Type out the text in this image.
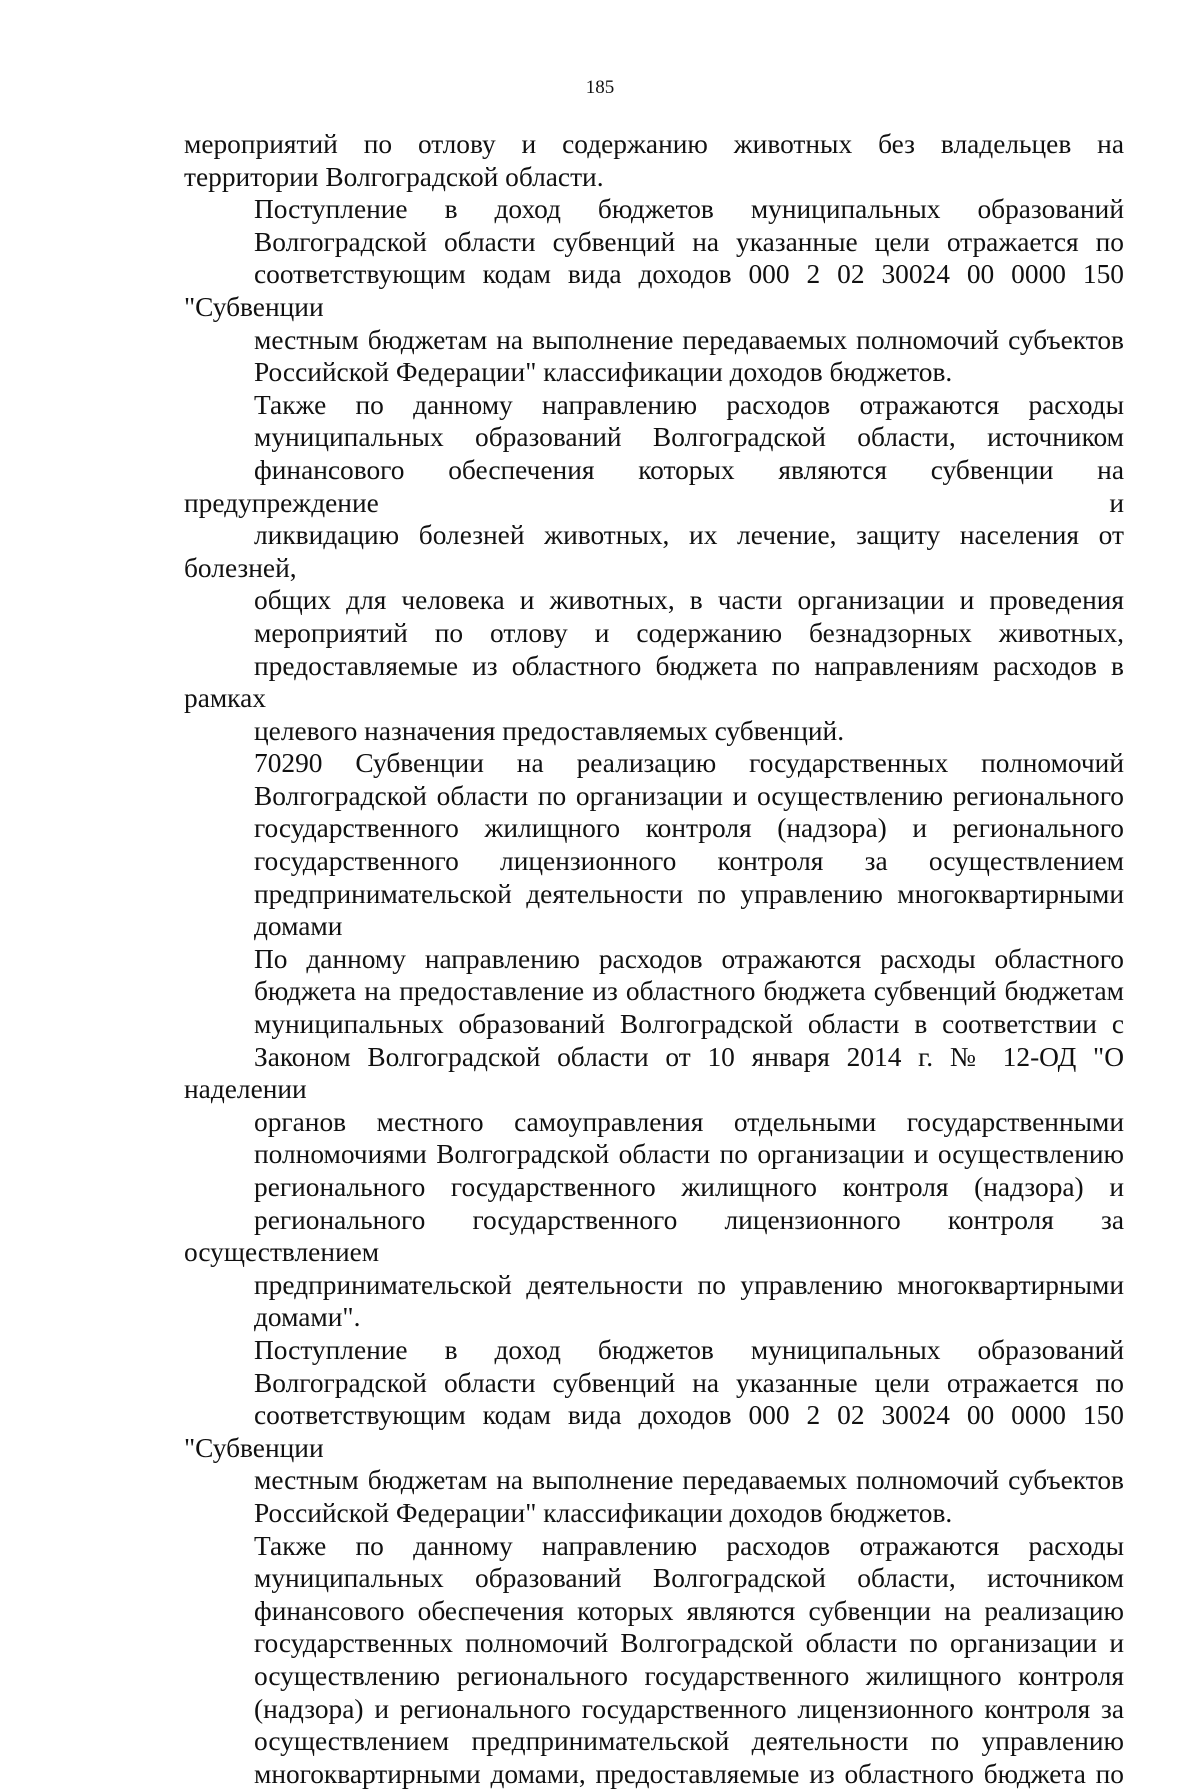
185
мероприятий по отлову и содержанию животных без владельцев на
территории Волгоградской области.
Поступление в доход бюджетов муниципальных образований
Волгоградской области субвенций на указанные цели отражается по
соответствующим кодам вида доходов 000 2 02 30024 00 0000 150 "Субвенции
местным бюджетам на выполнение передаваемых полномочий субъектов
Российской Федерации" классификации доходов бюджетов.
Также по данному направлению расходов отражаются расходы
муниципальных образований Волгоградской области, источником
финансового обеспечения которых являются субвенции на предупреждение и
ликвидацию болезней животных, их лечение, защиту населения от болезней,
общих для человека и животных, в части организации и проведения
мероприятий по отлову и содержанию безнадзорных животных,
предоставляемые из областного бюджета по направлениям расходов в рамках
целевого назначения предоставляемых субвенций.
70290 Субвенции на реализацию государственных полномочий
Волгоградской области по организации и осуществлению регионального
государственного жилищного контроля (надзора) и регионального
государственного лицензионного контроля за осуществлением
предпринимательской деятельности по управлению многоквартирными
домами
По данному направлению расходов отражаются расходы областного
бюджета на предоставление из областного бюджета субвенций бюджетам
муниципальных образований Волгоградской области в соответствии с
Законом Волгоградской области от 10 января 2014 г. № 12-ОД "О наделении
органов местного самоуправления отдельными государственными
полномочиями Волгоградской области по организации и осуществлению
регионального государственного жилищного контроля (надзора) и
регионального государственного лицензионного контроля за осуществлением
предпринимательской деятельности по управлению многоквартирными
домами".
Поступление в доход бюджетов муниципальных образований
Волгоградской области субвенций на указанные цели отражается по
соответствующим кодам вида доходов 000 2 02 30024 00 0000 150 "Субвенции
местным бюджетам на выполнение передаваемых полномочий субъектов
Российской Федерации" классификации доходов бюджетов.
Также по данному направлению расходов отражаются расходы
муниципальных образований Волгоградской области, источником
финансового обеспечения которых являются субвенции на реализацию
государственных полномочий Волгоградской области по организации и
осуществлению регионального государственного жилищного контроля
(надзора) и регионального государственного лицензионного контроля за
осуществлением предпринимательской деятельности по управлению
многоквартирными домами, предоставляемые из областного бюджета по
